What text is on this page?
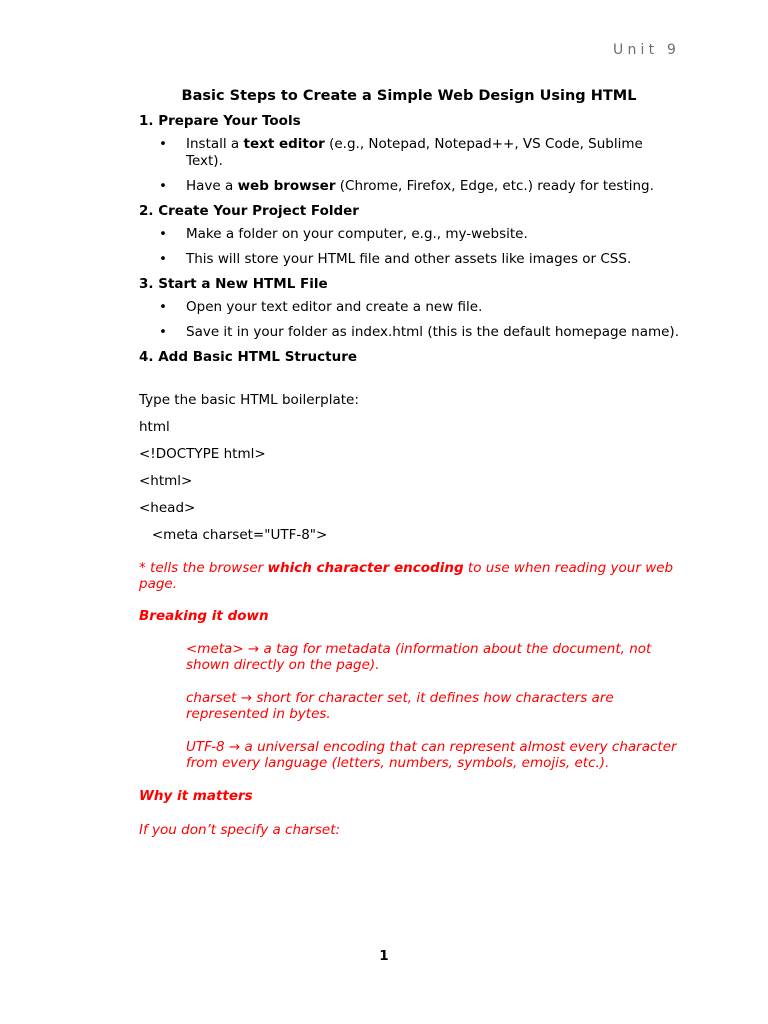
Unit 9
Basic Steps to Create a Simple Web Design Using HTML
1. Prepare Your Tools
• Install a text editor (e.g., Notepad, Notepad++, VS Code, Sublime Text).
• Have a web browser (Chrome, Firefox, Edge, etc.) ready for testing.
2. Create Your Project Folder
• Make a folder on your computer, e.g., my-website.
• This will store your HTML file and other assets like images or CSS.
3. Start a New HTML File
• Open your text editor and create a new file.
• Save it in your folder as index.html (this is the default homepage name).
4. Add Basic HTML Structure
Type the basic HTML boilerplate:
html
<!DOCTYPE html>
<html>
<head>
<meta charset="UTF-8">
* tells the browser which character encoding to use when reading your web page.
Breaking it down
<meta> → a tag for metadata (information about the document, not shown directly on the page).
charset → short for character set, it defines how characters are represented in bytes.
UTF-8 → a universal encoding that can represent almost every character from every language (letters, numbers, symbols, emojis, etc.).
Why it matters
If you don’t specify a charset:
1
